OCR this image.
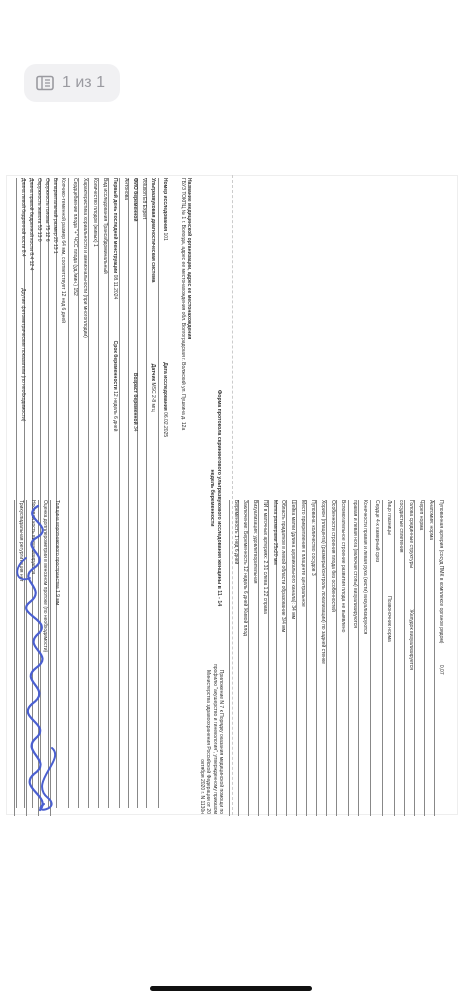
1 из 1
Приложение N 7 к Порядку оказания медицинской помощи по профилю "акушерство и гинекология", утвержденному приказом Министерства здравоохранения Российской Федерации от 20 октября 2020 г. N 1130н
Форма протокола скринингового ультразвукового исследования женщины в 11 - 14 недель беременности
Название медицинской организации, адрес ее местонахождения
ГБУЗ ТОКПЦ № 1 г. Вологда, адрес ее местонахождения обл. Волгоградская г. Волжский ул. Пушкина д. 12а
Номер исследования 101 Дата исследования 06.02.2025
Ультразвуковая диагностическая система Датчик MSC 2-8 мгц
Voluson E8 Expert
ФИО беременной Возраст беременной 34
Антонова
Первый день последней менструации 08.11.2024 Срок беременности 12 недель 6 дней
Вид исследования Трансабдоминальный
Количество плодов (живых) 1
Характеристика хориальности и амниональности (при многоплодии)
Сердцебиение плода "+" ЧСС плода (уд./мин.) 152
Копчико-теменной размер 64 мм, соответствует 12 нед 6 дней
Бипариетальный размер 20 13 1
Окружность головы 75 12 6
Окружность живота 53 13 0
Длина правой бедренной кости 8.4 12 4
Длина левой бедренной кости 8.4 Другие фетометрические показатели (по необходимости)
Толщина воротникового пространства 1.9 мм
Оценка допплерометрии в венозном протоке (по необходимости)
Носовая кость визуализируется
Трикуспидальная регургитация нет	Пуповинная артерия (сосуд ПМК в комплексе органов рядом) 0,07
Анатомия: норма
Череп норма
Голова срединные структуры Желудок визуализируется
сосудистые сплетения
Лицо глазницы Позвоночник норма
Сердце 4-х камерный срез
Конечности правая и левая рука (кисти) визуализируются
правая и левая нога (включая стопы) визуализируются
Вспомогательное строение развития плода не выявлено
Особенности строения плода без особенностей
Хорион (плацента) (размеры/контроль локализации) по задней стенке
Пуповина: количество сосудов 3
Место прикрепления к плаценте центральное
Шейка матки (длина цервикального канала): 34 мм
Область придатков в левой области образование 3/4 мм
Матка размерами 25x20 мм
ПИ в маточных артериях: 2.31 слева 1.22 справа
Визуализация: удовлетворительная
Заключение: Беременность 12 недель 6 дней Живой плод
Беременность 1 нед 6 дней
